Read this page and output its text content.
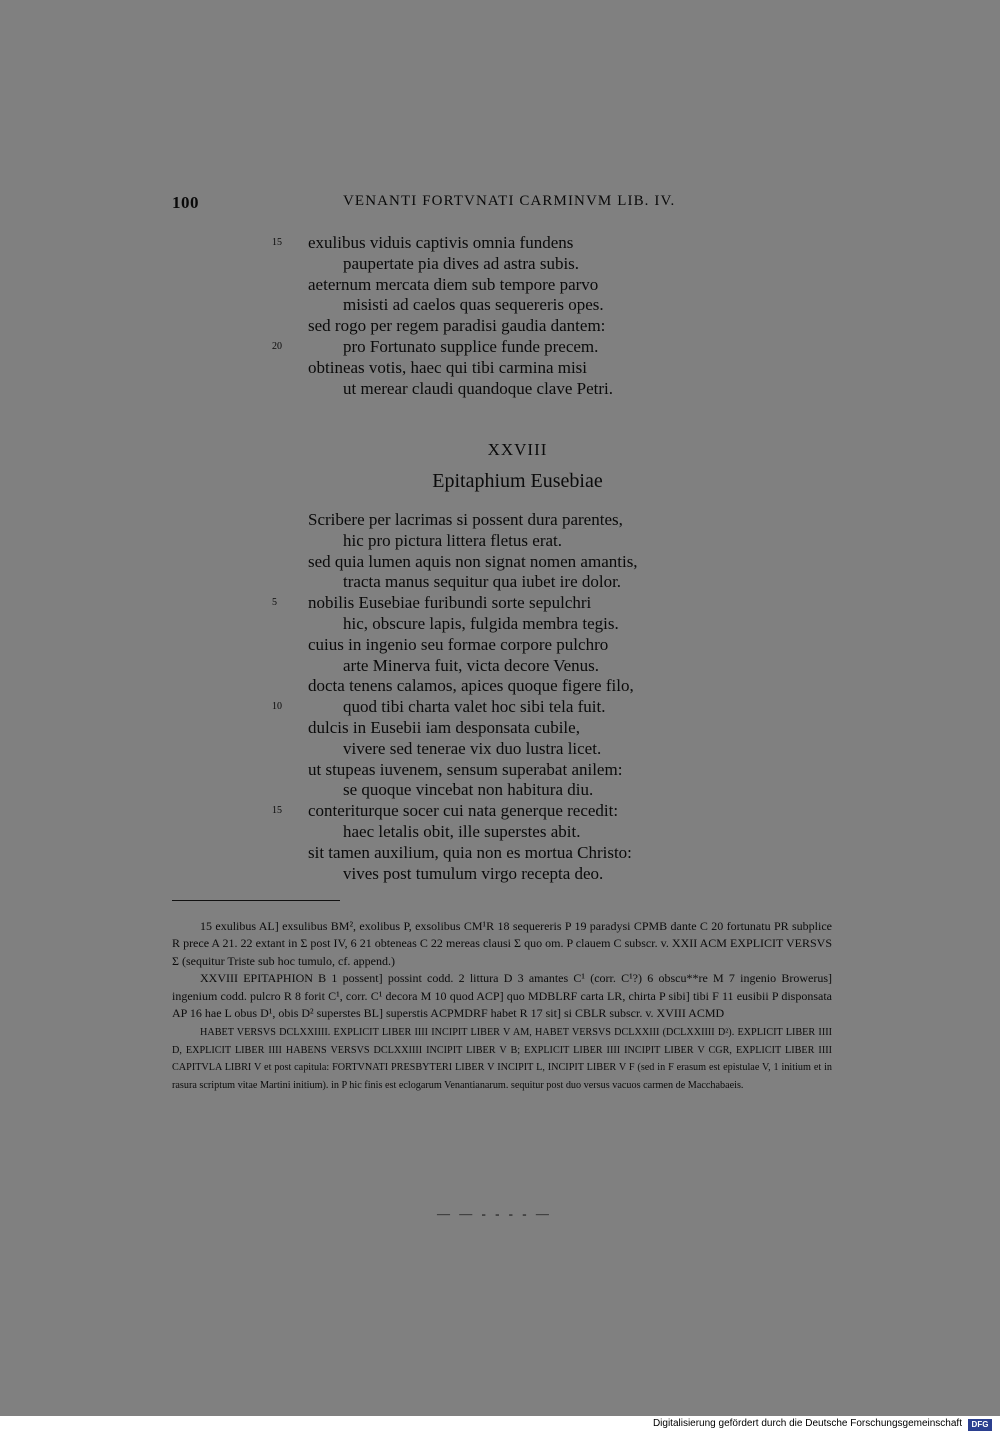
100	VENANTI FORTVNATI CARMINVM LIB. IV.
15 exulibus viduis captivis omnia fundens
paupertate pia dives ad astra subis.
aeternum mercata diem sub tempore parvo
misisti ad caelos quas sequereris opes.
sed rogo per regem paradisi gaudia dantem:
20	pro Fortunato supplice funde precem.
obtineas votis, haec qui tibi carmina misi
ut merear claudi quandoque clave Petri.
XXVIII
Epitaphium Eusebiae
Scribere per lacrimas si possent dura parentes,
hic pro pictura littera fletus erat.
sed quia lumen aquis non signat nomen amantis,
tracta manus sequitur qua iubet ire dolor.
5 nobilis Eusebiae furibundi sorte sepulchri
hic, obscure lapis, fulgida membra tegis.
cuius in ingenio seu formae corpore pulchro
arte Minerva fuit, victa decore Venus.
docta tenens calamos, apices quoque figere filo,
10	quod tibi charta valet hoc sibi tela fuit.
dulcis in Eusebii iam desponsata cubile,
vivere sed tenerae vix duo lustra licet.
ut stupeas iuvenem, sensum superabat anilem:
se quoque vincebat non habitura diu.
15 conteriturque socer cui nata generque recedit:
haec letalis obit, ille superstes abit.
sit tamen auxilium, quia non es mortua Christo:
vives post tumulum virgo recepta deo.

15 exulibus AL] exsulibus BM², exolibus P, exsolibus CM¹R 18 sequereris P 19 paradysi CPMB dante C 20 fortunatu PR subplice R prece A 21. 22 extant in Σ post IV, 6 21 obteneas C 22 mereas clausi Σ quo om. P clauem C subscr. v. XXII ACM EXPLICIT VERSVS Σ (sequitur Triste sub hoc tumulo, cf. append.)

XXVIII EPITAPHION B 1 possent] possint codd. 2 littura D 3 amantes C¹ (corr. C¹?) 6 obscu**re M 7 ingenio Browerus] ingenium codd. pulcro R 8 forit C¹, corr. C¹ decora M 10 quod ACP] quo MDBLRF carta LR, chirta P sibi] tibi F 11 eusibii P disponsata AP 16 hae L obus D¹, obis D² superstes BL] superstis ACPMDRF habet R 17 sit] si CBLR subscr. v. XVIII ACMD

HABET VERSVS DCLXXIIII. EXPLICIT LIBER IIII INCIPIT LIBER V AM, HABET VERSVS DCLXXIII (DCLXXIIII D²). EXPLICIT LIBER IIII D, EXPLICIT LIBER IIII HABENS VERSVS DCLXXIIII INCIPIT LIBER V B; EXPLICIT LIBER IIII INCIPIT LIBER V CGR, EXPLICIT LIBER IIII CAPITVLA LIBRI V et post capitula: FORTVNATI PRESBYTERI LIBER V INCIPIT L, INCIPIT LIBER V F (sed in F erasum est epistulae V, 1 initium et in rasura scriptum vitae Martini initium). in P hic finis est eclogarum Venantianarum. sequitur post duo versus vacuos carmen de Macchabaeis.

— — - - - - —
Digitalisierung gefördert durch die Deutsche Forschungsgemeinschaft	DFG
